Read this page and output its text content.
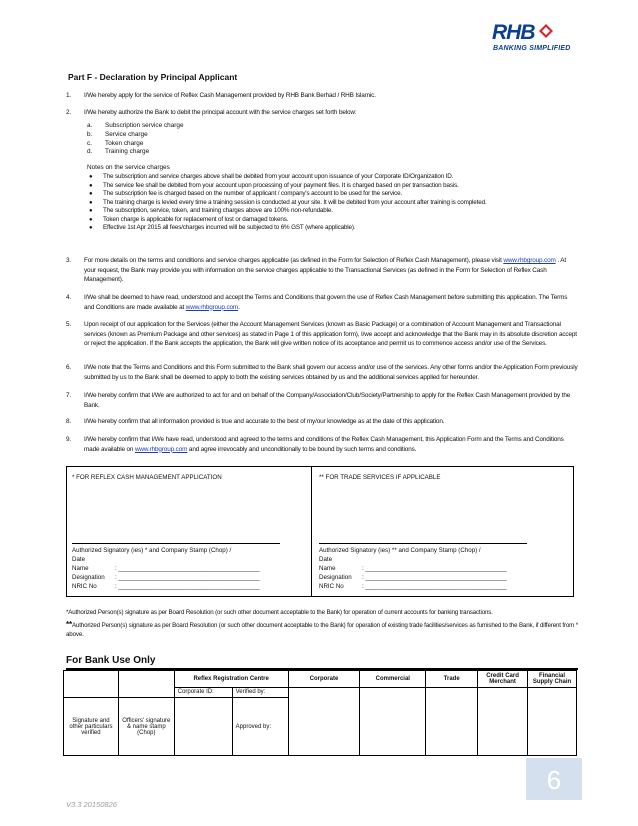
RHB
BANKING SIMPLIFIED
Part F - Declaration by Principal Applicant
1. I/We hereby apply for the service of Reflex Cash Management provided by RHB Bank Berhad / RHB Islamic.
2. I/We hereby authorize the Bank to debit the principal account with the service charges set forth below:
a.	Subscription service charge
b.	Service charge
c.	Token charge
d.	Training charge
Notes on the service charges
●	The subscription and service charges above shall be debited from your account upon issuance of your Corporate ID/Organization ID.
●	The service fee shall be debited from your account upon processing of your payment files. It is charged based on per transaction basis.
●	The subscription fee is charged based on the number of applicant / company's account to be used for the service.
●	The training charge is levied every time a training session is conducted at your site. It will be debited from your account after training is completed.
●	The subscription, service, token, and training charges above are 100% non-refundable.
●	Token charge is applicable for replacement of lost or damaged tokens.
●	Effective 1st Apr 2015 all fees/charges incurred will be subjected to 6% GST (where applicable).
3. For more details on the terms and conditions and service charges applicable (as defined in the Form for Selection of Reflex Cash Management), please visit www.rhbgroup.com . At your request, the Bank may provide you with information on the service charges applicable to the Transactional Services (as defined in the Form for Selection of Reflex Cash Management).
4. I/We shall be deemed to have read, understood and accept the Terms and Conditions that govern the use of Reflex Cash Management before submitting this application. The Terms and Conditions are made available at www.rhbgroup.com.
5. Upon receipt of our application for the Services (either the Account Management Services (known as Basic Package) or a combination of Account Management and Transactional services (known as Premium Package and other services) as stated in Page 1 of this application form), I/we accept and acknowledge that the Bank may in its absolute discretion accept or reject the application. If the Bank accepts the application, the Bank will give written notice of its acceptance and permit us to commence access and/or use of the Services.
6. I/We note that the Terms and Conditions and this Form submitted to the Bank shall govern our access and/or use of the services. Any other forms and/or the Application Form previously submitted by us to the Bank shall be deemed to apply to both the existing services obtained by us and the additional services applied for hereunder.
7. I/We hereby confirm that I/We are authorized to act for and on behalf of the Company/Association/Club/Society/Partnership to apply for the Reflex Cash Management provided by the Bank.
8. I/We hereby confirm that all information provided is true and accurate to the best of my/our knowledge as at the date of this application.
9. I/We hereby confirm that I/We have read, understood and agreed to the terms and conditions of the Reflex Cash Management, this Application Form and the Terms and Conditions made available on www.rhbgroup.com and agree irrevocably and unconditionally to be bound by such terms and conditions.
* FOR REFLEX CASH MANAGEMENT APPLICATION
Authorized Signatory (ies) * and Company Stamp (Chop) /
Date
Name	: _________________________________________
Designation	: _________________________________________
NRIC No	: _________________________________________
** FOR TRADE SERVICES IF APPLICABLE
Authorized Signatory (ies) ** and Company Stamp (Chop) /
Date
Name	: _________________________________________
Designation	: _________________________________________
NRIC No	: _________________________________________
*Authorized Person(s) signature as per Board Resolution (or such other document acceptable to the Bank) for operation of current accounts for banking transactions.
**Authorized Person(s) signature as per Board Resolution (or such other document acceptable to the Bank) for operation of existing trade facilities/services as furnished to the Bank, if different from * above.
For Bank Use Only
		Reflex Registration Centre		Corporate	Commercial	Trade	Credit Card Merchant	Financial Supply Chain
		Corporate ID:	Verified by:					
Signature and other particulars verified	Officers' signature & name stamp (Chop)		Approved by:					
6
V3.3 20150826
